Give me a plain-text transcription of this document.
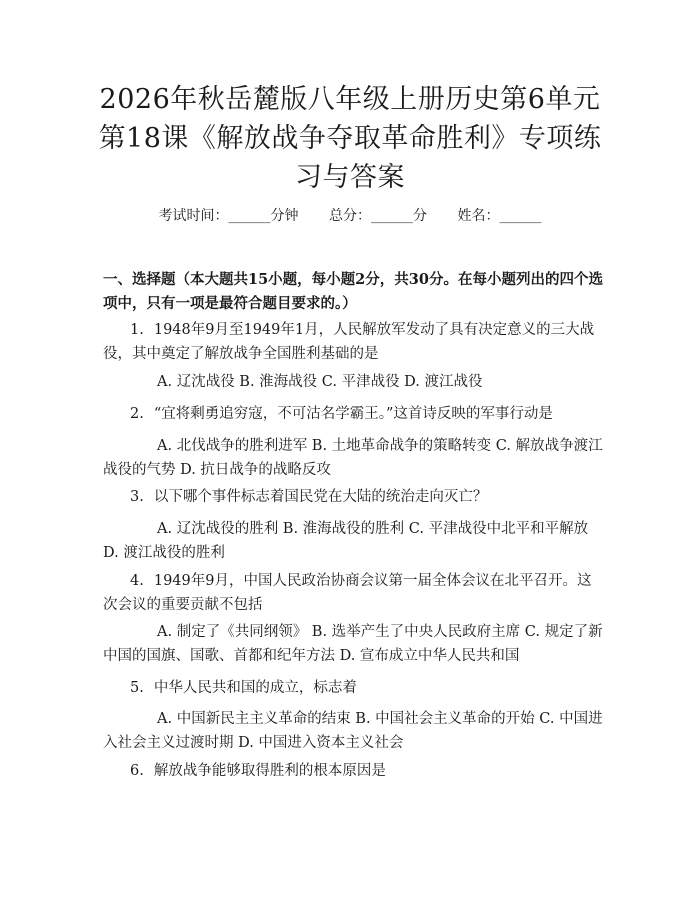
2026年秋岳麓版八年级上册历史第6单元第18课《解放战争夺取革命胜利》专项练习与答案
考试时间：______分钟 总分：______分 姓名：______
一、选择题（本大题共15小题，每小题2分，共30分。在每小题列出的四个选项中，只有一项是最符合题目要求的。）
1. 1948年9月至1949年1月，人民解放军发动了具有决定意义的三大战役，其中奠定了解放战争全国胜利基础的是
A. 辽沈战役 B. 淮海战役 C. 平津战役 D. 渡江战役
2. “宜将剩勇追穷寇，不可沽名学霸王。”这首诗反映的军事行动是
A. 北伐战争的胜利进军 B. 土地革命战争的策略转变 C. 解放战争渡江战役的气势 D. 抗日战争的战略反攻
3. 以下哪个事件标志着国民党在大陆的统治走向灭亡？
A. 辽沈战役的胜利 B. 淮海战役的胜利 C. 平津战役中北平和平解放 D. 渡江战役的胜利
4. 1949年9月，中国人民政治协商会议第一届全体会议在北平召开。这次会议的重要贡献不包括
A. 制定了《共同纲领》 B. 选举产生了中央人民政府主席 C. 规定了新中国的国旗、国歌、首都和纪年方法 D. 宣布成立中华人民共和国
5. 中华人民共和国的成立，标志着
A. 中国新民主主义革命的结束 B. 中国社会主义革命的开始 C. 中国进入社会主义过渡时期 D. 中国进入资本主义社会
6. 解放战争能够取得胜利的根本原因是
